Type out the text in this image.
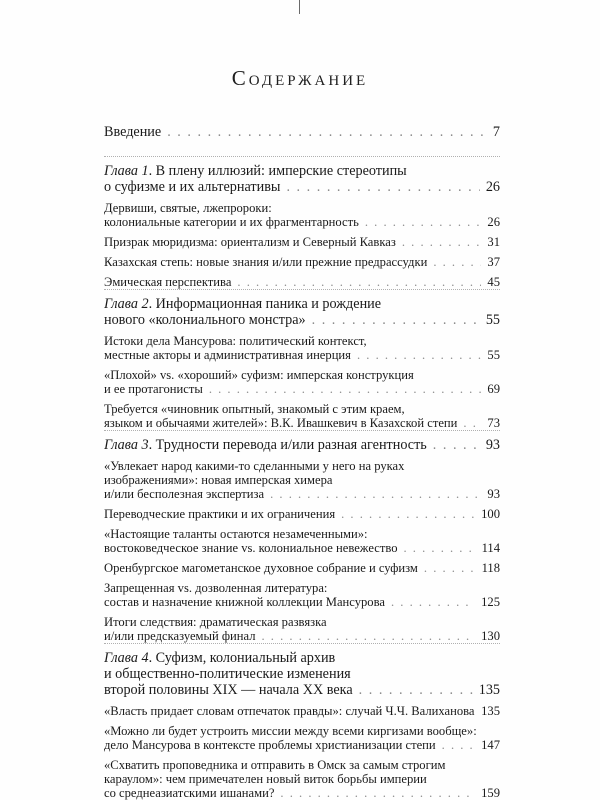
Содержание
Введение . . .	7
Глава 1. В плену иллюзий: имперские стереотипы
о суфизме и их альтернативы . . .	26
Дервиши, святые, лжепророки:
колониальные категории и их фрагментарность . . .	26
Призрак мюридизма: ориентализм и Северный Кавказ . . .	31
Казахская степь: новые знания и/или прежние предрассудки . . .	37
Эмическая перспектива . . .	45
Глава 2. Информационная паника и рождение
нового «колониального монстра» . . .	55
Истоки дела Мансурова: политический контекст,
местные акторы и административная инерция . . .	55
«Плохой» vs. «хороший» суфизм: имперская конструкция
и ее протагонисты . . .	69
Требуется «чиновник опытный, знакомый с этим краем,
языком и обычаями жителей»: В.К. Ивашкевич в Казахской степи . . .	73
Глава 3. Трудности перевода и/или разная агентность . . .	93
«Увлекает народ какими-то сделанными у него на руках
изображениями»: новая имперская химера
и/или бесполезная экспертиза . . .	93
Переводческие практики и их ограничения . . .	100
«Настоящие таланты остаются незамеченными»:
востоковедческое знание vs. колониальное невежество . . .	114
Оренбургское магометанское духовное собрание и суфизм . . .	118
Запрещенная vs. дозволенная литература:
состав и назначение книжной коллекции Мансурова . . .	125
Итоги следствия: драматическая развязка
и/или предсказуемый финал . . .	130
Глава 4. Суфизм, колониальный архив
и общественно-политические изменения
второй половины XIX — начала XX века . . .	135
«Власть придает словам отпечаток правды»: случай Ч.Ч. Валиханова . . . 135
«Можно ли будет устроить миссии между всеми киргизами вообще»:
дело Мансурова в контексте проблемы христианизации степи . . .	147
«Схватить проповедника и отправить в Омск за самым строгим
караулом»: чем примечателен новый виток борьбы империи
со среднеазиатскими ишанами? . . .	159
